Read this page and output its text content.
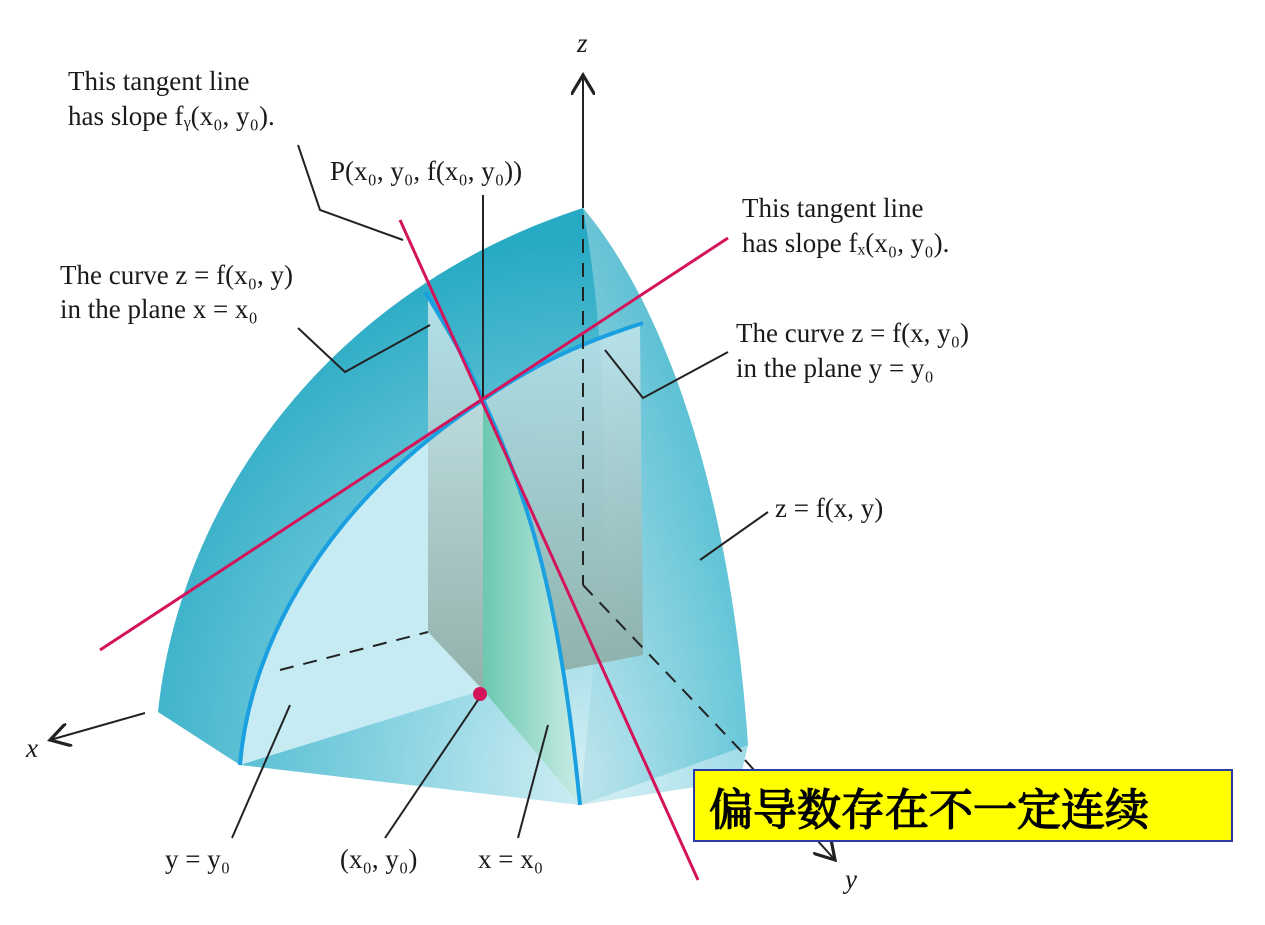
z
x
y
This tangent line
has slope fᵧ(x₀, y₀).
P(x₀, y₀, f(x₀, y₀))
This tangent line
has slope fₓ(x₀, y₀).
The curve z = f(x₀, y)
in the plane x = x₀
The curve z = f(x, y₀)
in the plane y = y₀
z = f(x, y)
y = y₀	(x₀, y₀) x = x₀
偏导数存在不一定连续
